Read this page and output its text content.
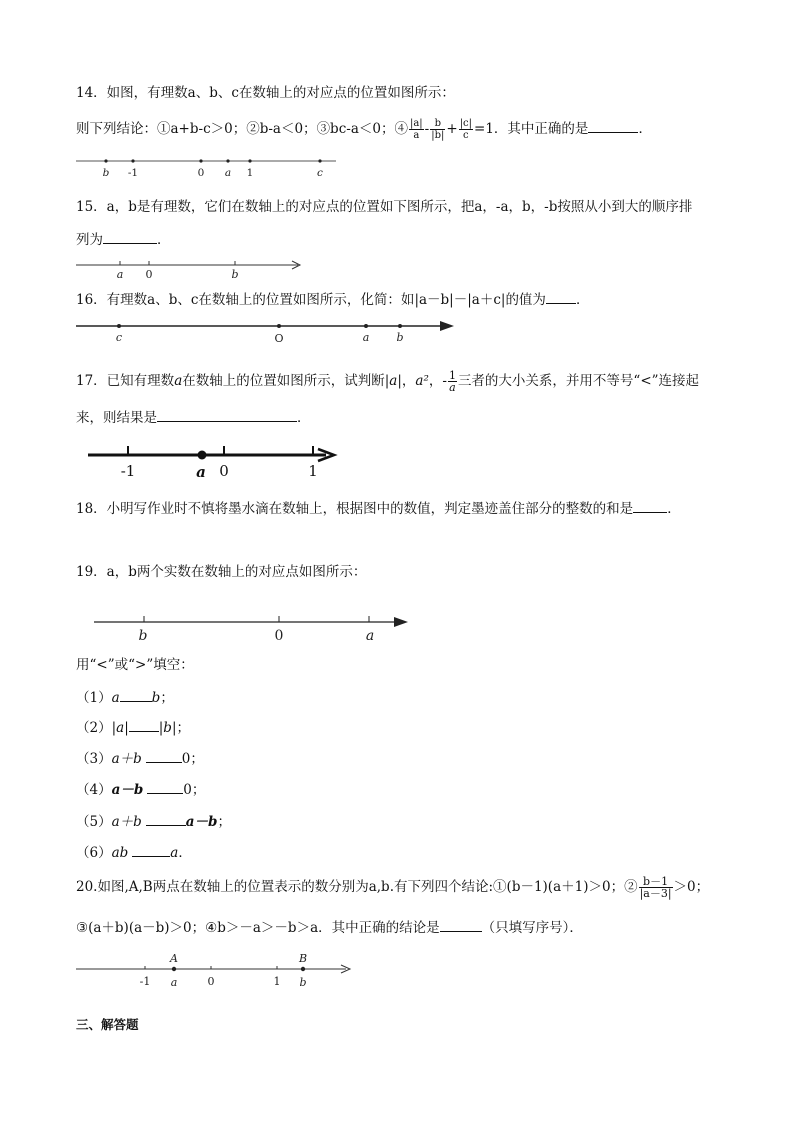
14．如图，有理数a、b、c在数轴上的对应点的位置如图所示：
则下列结论：①a+b-c＞0；②b-a＜0；③bc-a＜0；④ $\frac{|a|}{a} - \frac{b}{|b|} + \frac{|c|}{c} =1$．其中正确的是	．
b -1	0 a 1	c
15．a，b是有理数，它们在数轴上的对应点的位置如下图所示，把a，-a，b，-b按照从小到大的顺序排
列为	．
a 0	b
16．有理数a、b、c在数轴上的位置如图所示，化简：如|a－b|－|a＋c|的值为 ．
c	O	a b
17．已知有理数a在数轴上的位置如图所示，试判断|a|，a²，- $\frac{1}{a}$ 三者的大小关系，并用不等号“<”连接起
来，则结果是	．
-1	a 0	1
18．小明写作业时不慎将墨水滴在数轴上，根据图中的数值，判定墨迹盖住部分的整数的和是	．
19．a，b两个实数在数轴上的对应点如图所示：
b	0	a
用“<”或“>”填空：
（1）a b；
（2）|a| |b|；
（3）a＋b	0；
（4）a－b	0；
（5）a＋b	a－b；
（6）ab	a．
20.如图,A,B两点在数轴上的位置表示的数分别为a,b.有下列四个结论:①(b－1)(a＋1)＞0；② $\frac{b-1}{|a-3|} >0$；
③(a＋b)(a－b)＞0；④b＞－a＞－b＞a．其中正确的结论是	（只填写序号）．
A	B
-1 a	0	1 b
三、解答题
